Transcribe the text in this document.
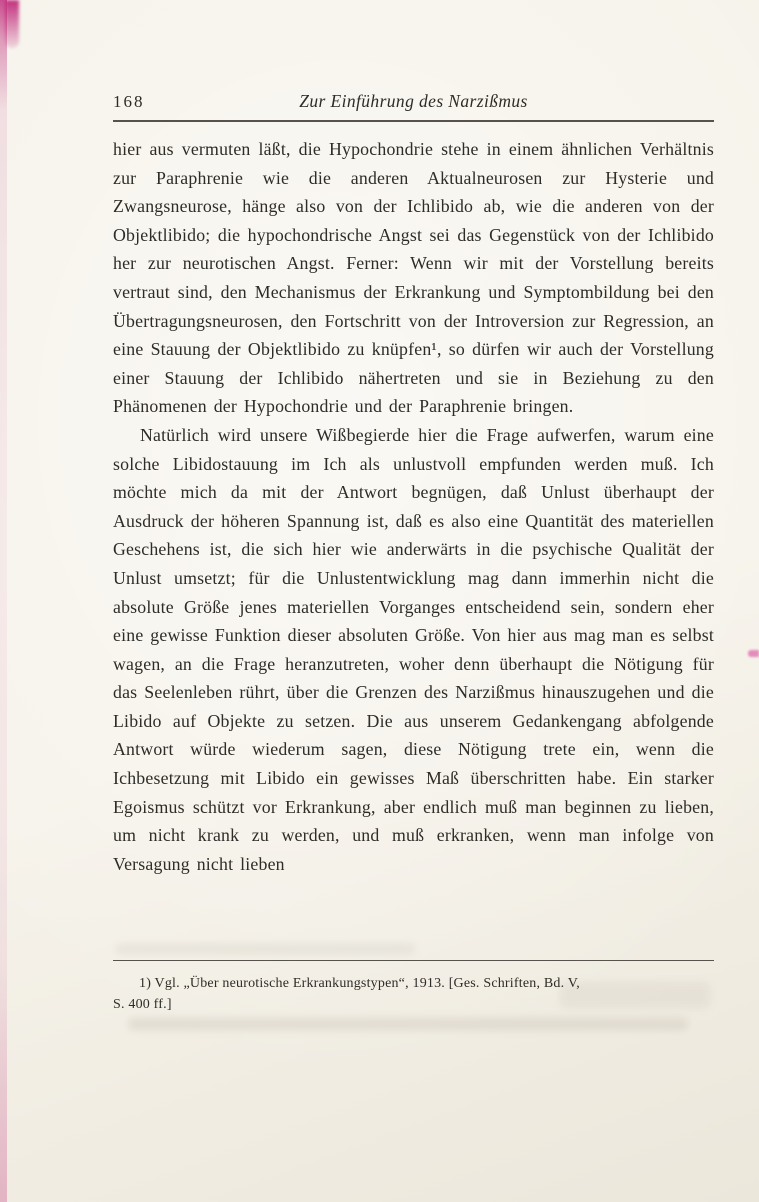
168	Zur Einführung des Narzißmus

hier aus vermuten läßt, die Hypochondrie stehe in einem ähnlichen Verhältnis zur Paraphrenie wie die anderen Aktualneurosen zur Hysterie und Zwangsneurose, hänge also von der Ichlibido ab, wie die anderen von der Objektlibido; die hypochondrische Angst sei das Gegenstück von der Ichlibido her zur neurotischen Angst. Ferner: Wenn wir mit der Vorstellung bereits vertraut sind, den Mechanismus der Erkrankung und Symptombildung bei den Übertragungsneurosen, den Fortschritt von der Introversion zur Regression, an eine Stauung der Objektlibido zu knüpfen¹, so dürfen wir auch der Vorstellung einer Stauung der Ichlibido nähertreten und sie in Beziehung zu den Phänomenen der Hypochondrie und der Paraphrenie bringen.

Natürlich wird unsere Wißbegierde hier die Frage aufwerfen, warum eine solche Libidostauung im Ich als unlustvoll empfunden werden muß. Ich möchte mich da mit der Antwort begnügen, daß Unlust überhaupt der Ausdruck der höheren Spannung ist, daß es also eine Quantität des materiellen Geschehens ist, die sich hier wie anderwärts in die psychische Qualität der Unlust umsetzt; für die Unlustentwicklung mag dann immerhin nicht die absolute Größe jenes materiellen Vorganges entscheidend sein, sondern eher eine gewisse Funktion dieser absoluten Größe. Von hier aus mag man es selbst wagen, an die Frage heranzutreten, woher denn überhaupt die Nötigung für das Seelenleben rührt, über die Grenzen des Narzißmus hinauszugehen und die Libido auf Objekte zu setzen. Die aus unserem Gedankengang abfolgende Antwort würde wiederum sagen, diese Nötigung trete ein, wenn die Ichbesetzung mit Libido ein gewisses Maß überschritten habe. Ein starker Egoismus schützt vor Erkrankung, aber endlich muß man beginnen zu lieben, um nicht krank zu werden, und muß erkranken, wenn man infolge von Versagung nicht lieben

1) Vgl. „Über neurotische Erkrankungstypen“, 1913. [Ges. Schriften, Bd. V,

S. 400 ff.]
